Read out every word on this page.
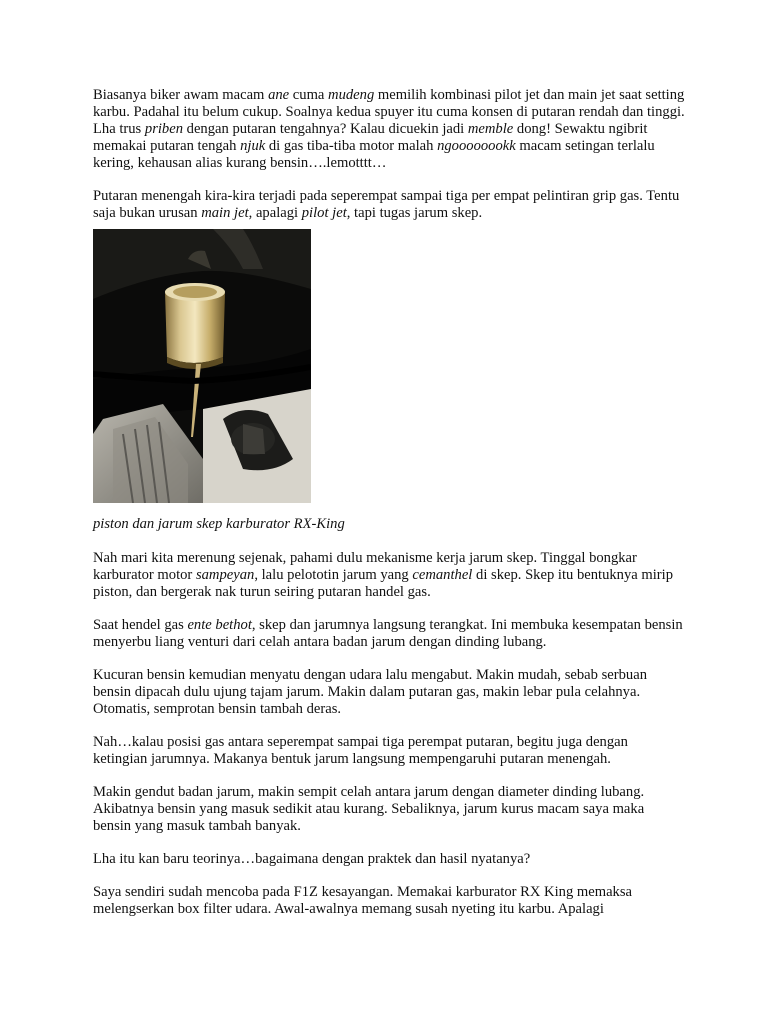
Biasanya biker awam macam ane cuma mudeng memilih kombinasi pilot jet dan main jet saat setting karbu. Padahal itu belum cukup. Soalnya kedua spuyer itu cuma konsen di putaran rendah dan tinggi. Lha trus priben dengan putaran tengahnya? Kalau dicuekin jadi memble dong! Sewaktu ngibrit memakai putaran tengah njuk di gas tiba-tiba motor malah ngoooooookk macam setingan terlalu kering, kehausan alias kurang bensin….lemotttt…

Putaran menengah kira-kira terjadi pada seperempat sampai tiga per empat pelintiran grip gas. Tentu saja bukan urusan main jet, apalagi pilot jet, tapi tugas jarum skep.

piston dan jarum skep karburator RX-King

Nah mari kita merenung sejenak, pahami dulu mekanisme kerja jarum skep. Tinggal bongkar karburator motor sampeyan, lalu pelototin jarum yang cemanthel di skep. Skep itu bentuknya mirip piston, dan bergerak nak turun seiring putaran handel gas.

Saat hendel gas ente bethot, skep dan jarumnya langsung terangkat. Ini membuka kesempatan bensin menyerbu liang venturi dari celah antara badan jarum dengan dinding lubang.

Kucuran bensin kemudian menyatu dengan udara lalu mengabut. Makin mudah, sebab serbuan bensin dipacah dulu ujung tajam jarum. Makin dalam putaran gas, makin lebar pula celahnya. Otomatis, semprotan bensin tambah deras.

Nah…kalau posisi gas antara seperempat sampai tiga perempat putaran, begitu juga dengan ketingian jarumnya. Makanya bentuk jarum langsung mempengaruhi putaran menengah.

Makin gendut badan jarum, makin sempit celah antara jarum dengan diameter dinding lubang. Akibatnya bensin yang masuk sedikit atau kurang. Sebaliknya, jarum kurus macam saya maka bensin yang masuk tambah banyak.

Lha itu kan baru teorinya…bagaimana dengan praktek dan hasil nyatanya?

Saya sendiri sudah mencoba pada F1Z kesayangan. Memakai karburator RX King memaksa melengserkan box filter udara. Awal-awalnya memang susah nyeting itu karbu. Apalagi
